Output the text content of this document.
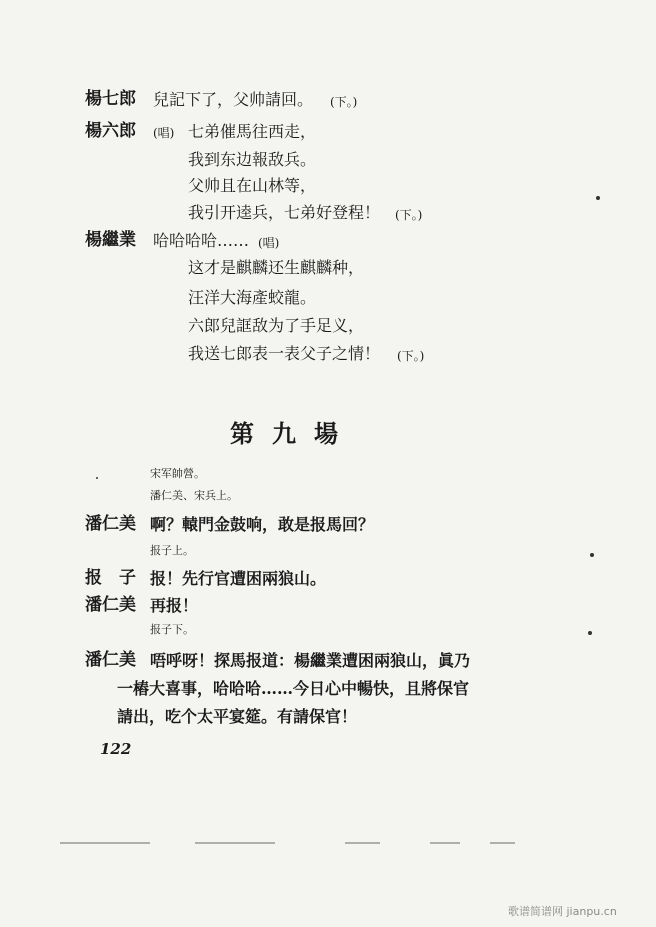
楊七郎 兒記下了，父帅請回。 (下。)
楊六郎 (唱) 七弟催馬往西走，
我到东边報敌兵。
父帅且在山林等，
我引开逵兵，七弟好登程！ (下。)
楊繼業 哈哈哈哈…… (唱)
这才是麒麟还生麒麟种，
汪洋大海產蛟龍。
六郎兒誆敌为了手足义，
我送七郎表一表父子之情！ (下。)
第九場
宋军帥營。
潘仁美、宋兵上。
潘仁美 啊？轅門金鼓响，敢是报馬回？
报子上。
报　子 报！先行官遭困兩狼山。
潘仁美 再报！
报子下。
潘仁美 唔呼呀！探馬报道：楊繼業遭困兩狼山，眞乃
一樁大喜事，哈哈哈……今日心中暢快，且將保官
請出，吃个太平宴筵。有請保官！
122
歌谱简谱网 jianpu.cn
